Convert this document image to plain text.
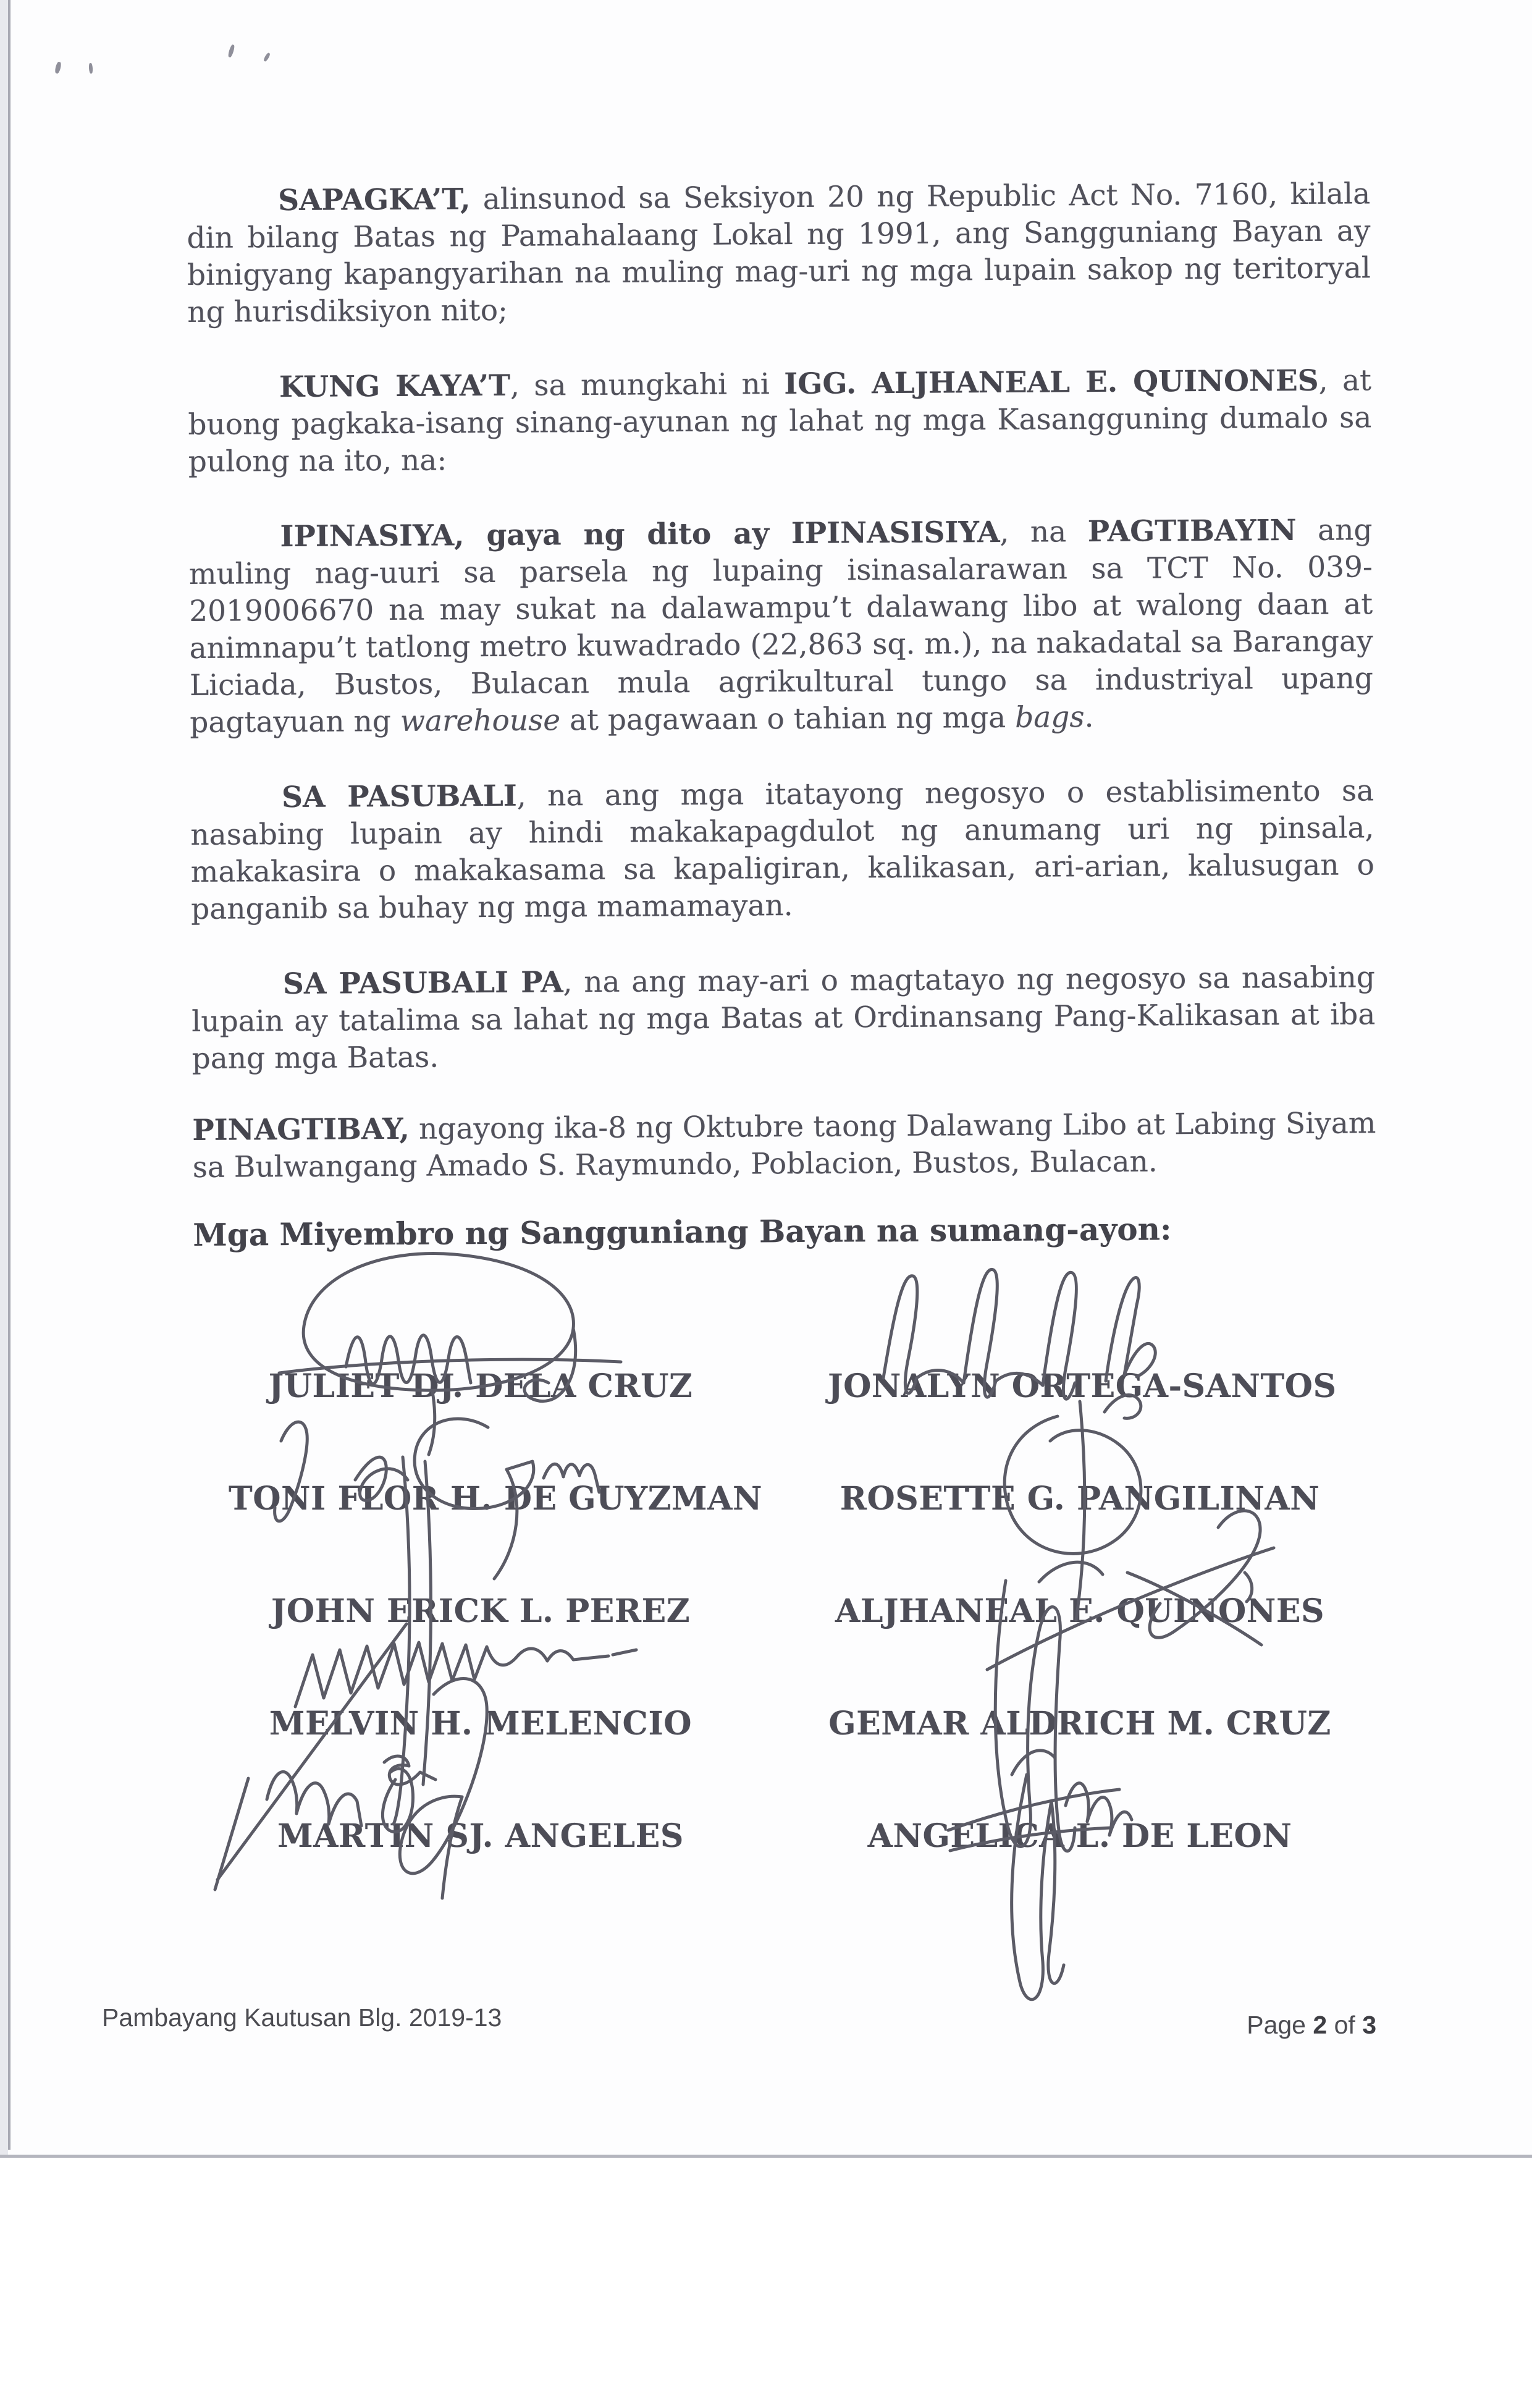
SAPAGKA’T, alinsunod sa Seksiyon 20 ng Republic Act No. 7160, kilala din bilang Batas ng Pamahalaang Lokal ng 1991, ang Sangguniang Bayan ay binigyang kapangyarihan na muling mag-uri ng mga lupain sakop ng teritoryal ng hurisdiksiyon nito;

KUNG KAYA’T, sa mungkahi ni IGG. ALJHANEAL E. QUINONES, at buong pagkaka-isang sinang-ayunan ng lahat ng mga Kasangguning dumalo sa pulong na ito, na:

IPINASIYA, gaya ng dito ay IPINASISIYA, na PAGTIBAYIN ang muling nag-uuri sa parsela ng lupaing isinasalarawan sa TCT No. 039-2019006670 na may sukat na dalawampu’t dalawang libo at walong daan at animnapu’t tatlong metro kuwadrado (22,863 sq. m.), na nakadatal sa Barangay Liciada, Bustos, Bulacan mula agrikultural tungo sa industriyal upang pagtayuan ng warehouse at pagawaan o tahian ng mga bags.

SA PASUBALI, na ang mga itatayong negosyo o establisimento sa nasabing lupain ay hindi makakapagdulot ng anumang uri ng pinsala, makakasira o makakasama sa kapaligiran, kalikasan, ari-arian, kalusugan o panganib sa buhay ng mga mamamayan.

SA PASUBALI PA, na ang may-ari o magtatayo ng negosyo sa nasabing lupain ay tatalima sa lahat ng mga Batas at Ordinansang Pang-Kalikasan at iba pang mga Batas.

PINAGTIBAY, ngayong ika-8 ng Oktubre taong Dalawang Libo at Labing Siyam sa Bulwangang Amado S. Raymundo, Poblacion, Bustos, Bulacan.

Mga Miyembro ng Sangguniang Bayan na sumang-ayon:

JULIET DJ. DELA CRUZ	JONALYN ORTEGA-SANTOS
TONI FLOR H. DE GUYZMAN	ROSETTE G. PANGILINAN
JOHN ERICK L. PEREZ	ALJHANEAL E. QUINONES
MELVIN H. MELENCIO	GEMAR ALDRICH M. CRUZ
MARTIN SJ. ANGELES	ANGELICA L. DE LEON
Pambayang Kautusan Blg. 2019-13	Page 2 of 3
